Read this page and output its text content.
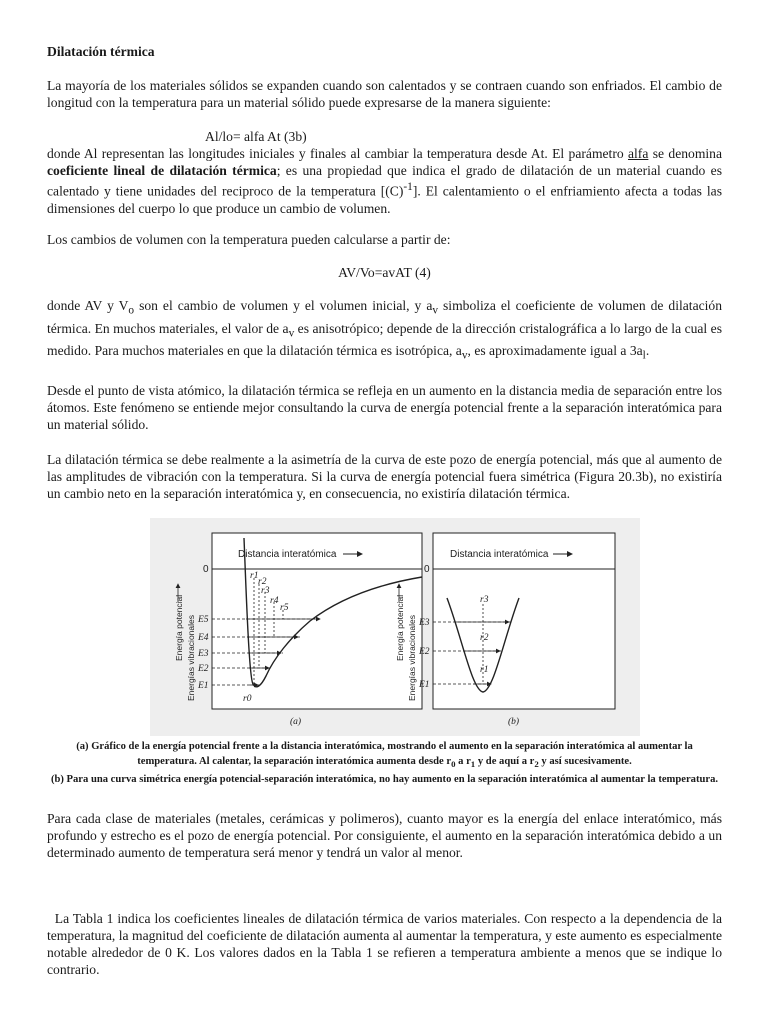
Dilatación térmica

La mayoría de los materiales sólidos se expanden cuando son calentados y se contraen cuando son enfriados. El cambio de longitud con la temperatura para un material sólido puede expresarse de la manera siguiente:

Al/lo= alfa At (3b)

donde Al representan las longitudes iniciales y finales al cambiar la temperatura desde At. El parámetro alfa se denomina coeficiente lineal de dilatación térmica; es una propiedad que indica el grado de dilatación de un material cuando es calentado y tiene unidades del reciproco de la temperatura $[(C)^{-1}]$. El calentamiento o el enfriamiento afecta a todas las dimensiones del cuerpo lo que produce un cambio de volumen.

Los cambios de volumen con la temperatura pueden calcularse a partir de:

AV/Vo=avAT (4)

donde AV y $V_o$ son el cambio de volumen y el volumen inicial, y $a_v$ simboliza el coeficiente de volumen de dilatación térmica. En muchos materiales, el valor de $a_v$ es anisotrópico; depende de la dirección cristalográfica a lo largo de la cual es medido. Para muchos materiales en que la dilatación térmica es isotrópica, $a_v$, es aproximadamente igual a $3a_l$.

Desde el punto de vista atómico, la dilatación térmica se refleja en un aumento en la distancia media de separación entre los átomos. Este fenómeno se entiende mejor consultando la curva de energía potencial frente a la separación interatómica para un material sólido.

La dilatación térmica se debe realmente a la asimetría de la curva de este pozo de energía potencial, más que al aumento de las amplitudes de vibración con la temperatura. Si la curva de energía potencial fuera simétrica (Figura 20.3b), no existiría un cambio neto en la separación interatómica y, en consecuencia, no existiría dilatación térmica.

Distancia interatómica
0
r1
r2
r3
r4
r5
r0
E5
E4
E3
E2
E1
Energía potencial Energías vibracionales
(a)
Distancia interatómica
0
r3
r2
r1
E3
E2
E1
Energía potencial Energías vibracionales
(b)
(a) Gráfico de la energía potencial frente a la distancia interatómica, mostrando el aumento en la separación interatómica al aumentar la temperatura. Al calentar, la separación interatómica aumenta desde $r_0$ a $r_1$ y de aquí a $r_2$ y así sucesivamente.
(b) Para una curva simétrica energía potencial-separación interatómica, no hay aumento en la separación interatómica al aumentar la temperatura.

Para cada clase de materiales (metales, cerámicas y polimeros), cuanto mayor es la energía del enlace interatómico, más profundo y estrecho es el pozo de energía potencial. Por consiguiente, el aumento en la separación interatómica debido a un determinado aumento de temperatura será menor y tendrá un valor al menor.

La Tabla 1 indica los coeficientes lineales de dilatación térmica de varios materiales. Con respecto a la dependencia de la temperatura, la magnitud del coeficiente de dilatación aumenta al aumentar la temperatura, y este aumento es especialmente notable alrededor de 0 K. Los valores dados en la Tabla 1 se refieren a temperatura ambiente a menos que se indique lo contrario.
